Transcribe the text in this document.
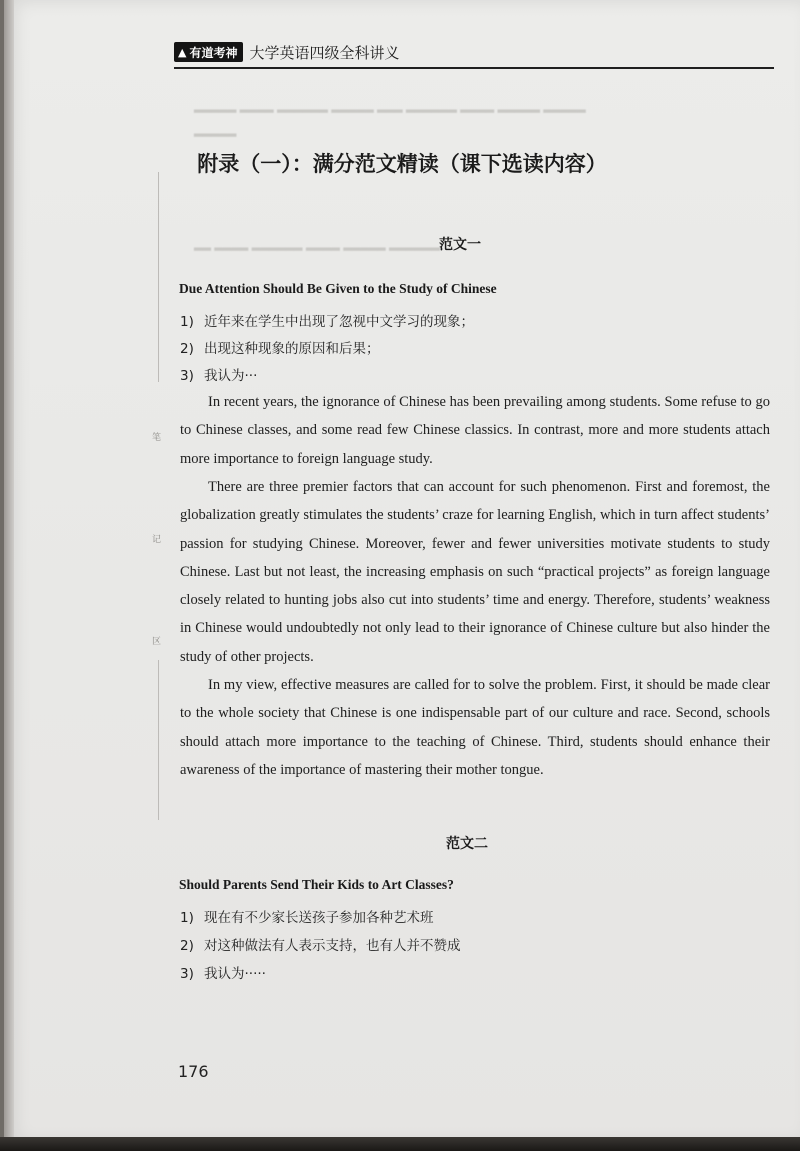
▲ 有道考神 大学英语四级全科讲义
▂▂▂▂▂ ▂▂▂▂ ▂▂▂▂▂▂ ▂▂▂▂▂ ▂▂▂ ▂▂▂▂▂▂ ▂▂▂▂ ▂▂▂▂▂ ▂▂▂▂▂
▂▂▂▂▂
▂▂ ▂▂▂▂ ▂▂▂▂▂▂ ▂▂▂▂ ▂▂▂▂▂ ▂▂▂▂▂▂
笔
记
区
附录（一）：满分范文精读（课下选读内容）
范文一
Due Attention Should Be Given to the Study of Chinese
1) 近年来在学生中出现了忽视中文学习的现象；
2) 出现这种现象的原因和后果；
3) 我认为···

In recent years, the ignorance of Chinese has been prevailing among students. Some refuse to go to Chinese classes, and some read few Chinese classics. In contrast, more and more students attach more importance to foreign language study.

There are three premier factors that can account for such phenomenon. First and foremost, the globalization greatly stimulates the students’ craze for learning English, which in turn affect students’ passion for studying Chinese. Moreover, fewer and fewer universities motivate students to study Chinese. Last but not least, the increasing emphasis on such “practical projects” as foreign language closely related to hunting jobs also cut into students’ time and energy. Therefore, students’ weakness in Chinese would undoubtedly not only lead to their ignorance of Chinese culture but also hinder the study of other projects.

In my view, effective measures are called for to solve the problem. First, it should be made clear to the whole society that Chinese is one indispensable part of our culture and race. Second, schools should attach more importance to the teaching of Chinese. Third, students should enhance their awareness of the importance of mastering their mother tongue.

范文二
Should Parents Send Their Kids to Art Classes?
1) 现在有不少家长送孩子参加各种艺术班
2) 对这种做法有人表示支持，也有人并不赞成
3) 我认为·····
176
